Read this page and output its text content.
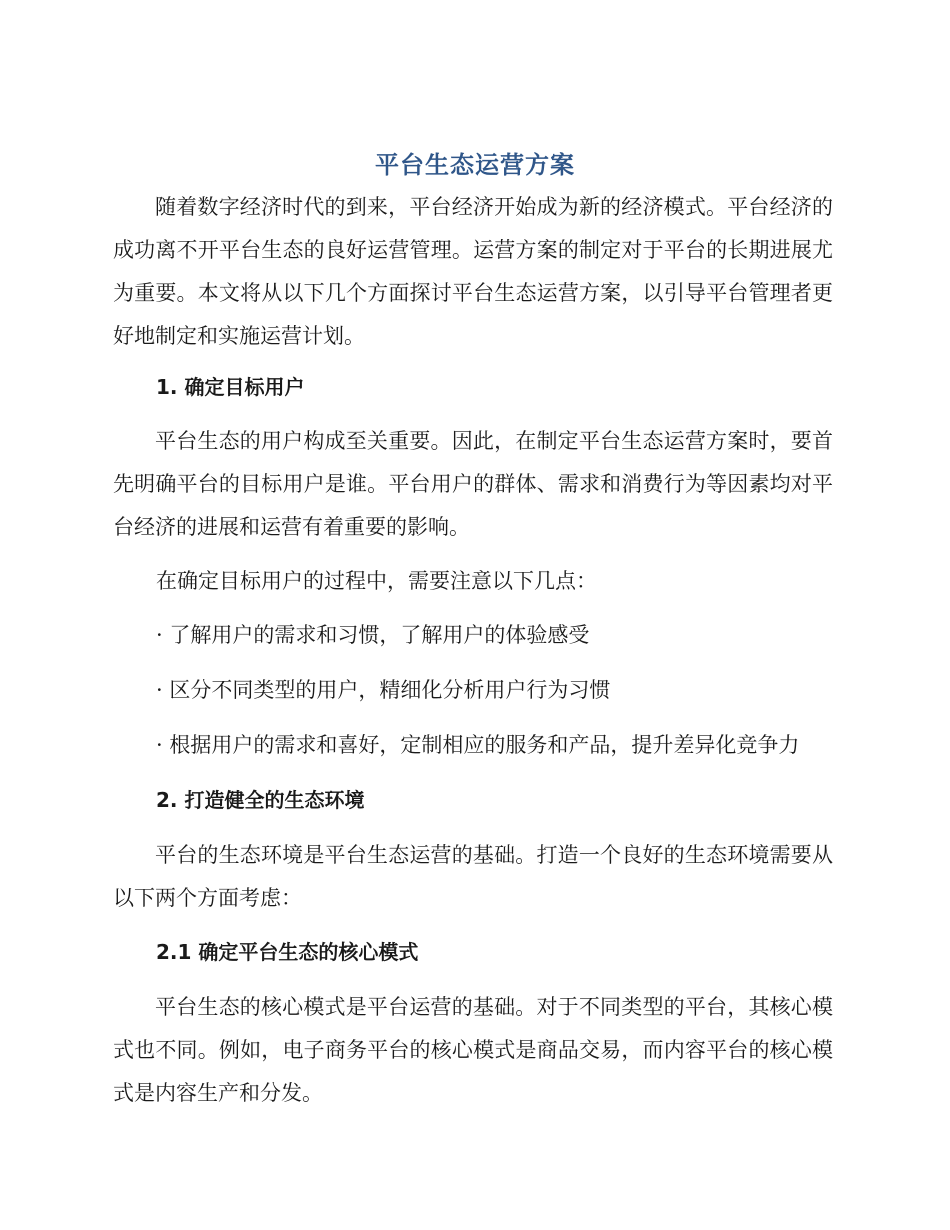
平台生态运营方案

随着数字经济时代的到来，平台经济开始成为新的经济模式。平台经济的成功离不开平台生态的良好运营管理。运营方案的制定对于平台的长期进展尤为重要。本文将从以下几个方面探讨平台生态运营方案，以引导平台管理者更好地制定和实施运营计划。

1. 确定目标用户

平台生态的用户构成至关重要。因此，在制定平台生态运营方案时，要首先明确平台的目标用户是谁。平台用户的群体、需求和消费行为等因素均对平台经济的进展和运营有着重要的影响。

在确定目标用户的过程中，需要注意以下几点：
· 了解用户的需求和习惯，了解用户的体验感受
· 区分不同类型的用户，精细化分析用户行为习惯
· 根据用户的需求和喜好，定制相应的服务和产品，提升差异化竞争力
2. 打造健全的生态环境

平台的生态环境是平台生态运营的基础。打造一个良好的生态环境需要从以下两个方面考虑：

2.1 确定平台生态的核心模式

平台生态的核心模式是平台运营的基础。对于不同类型的平台，其核心模式也不同。例如，电子商务平台的核心模式是商品交易，而内容平台的核心模式是内容生产和分发。
